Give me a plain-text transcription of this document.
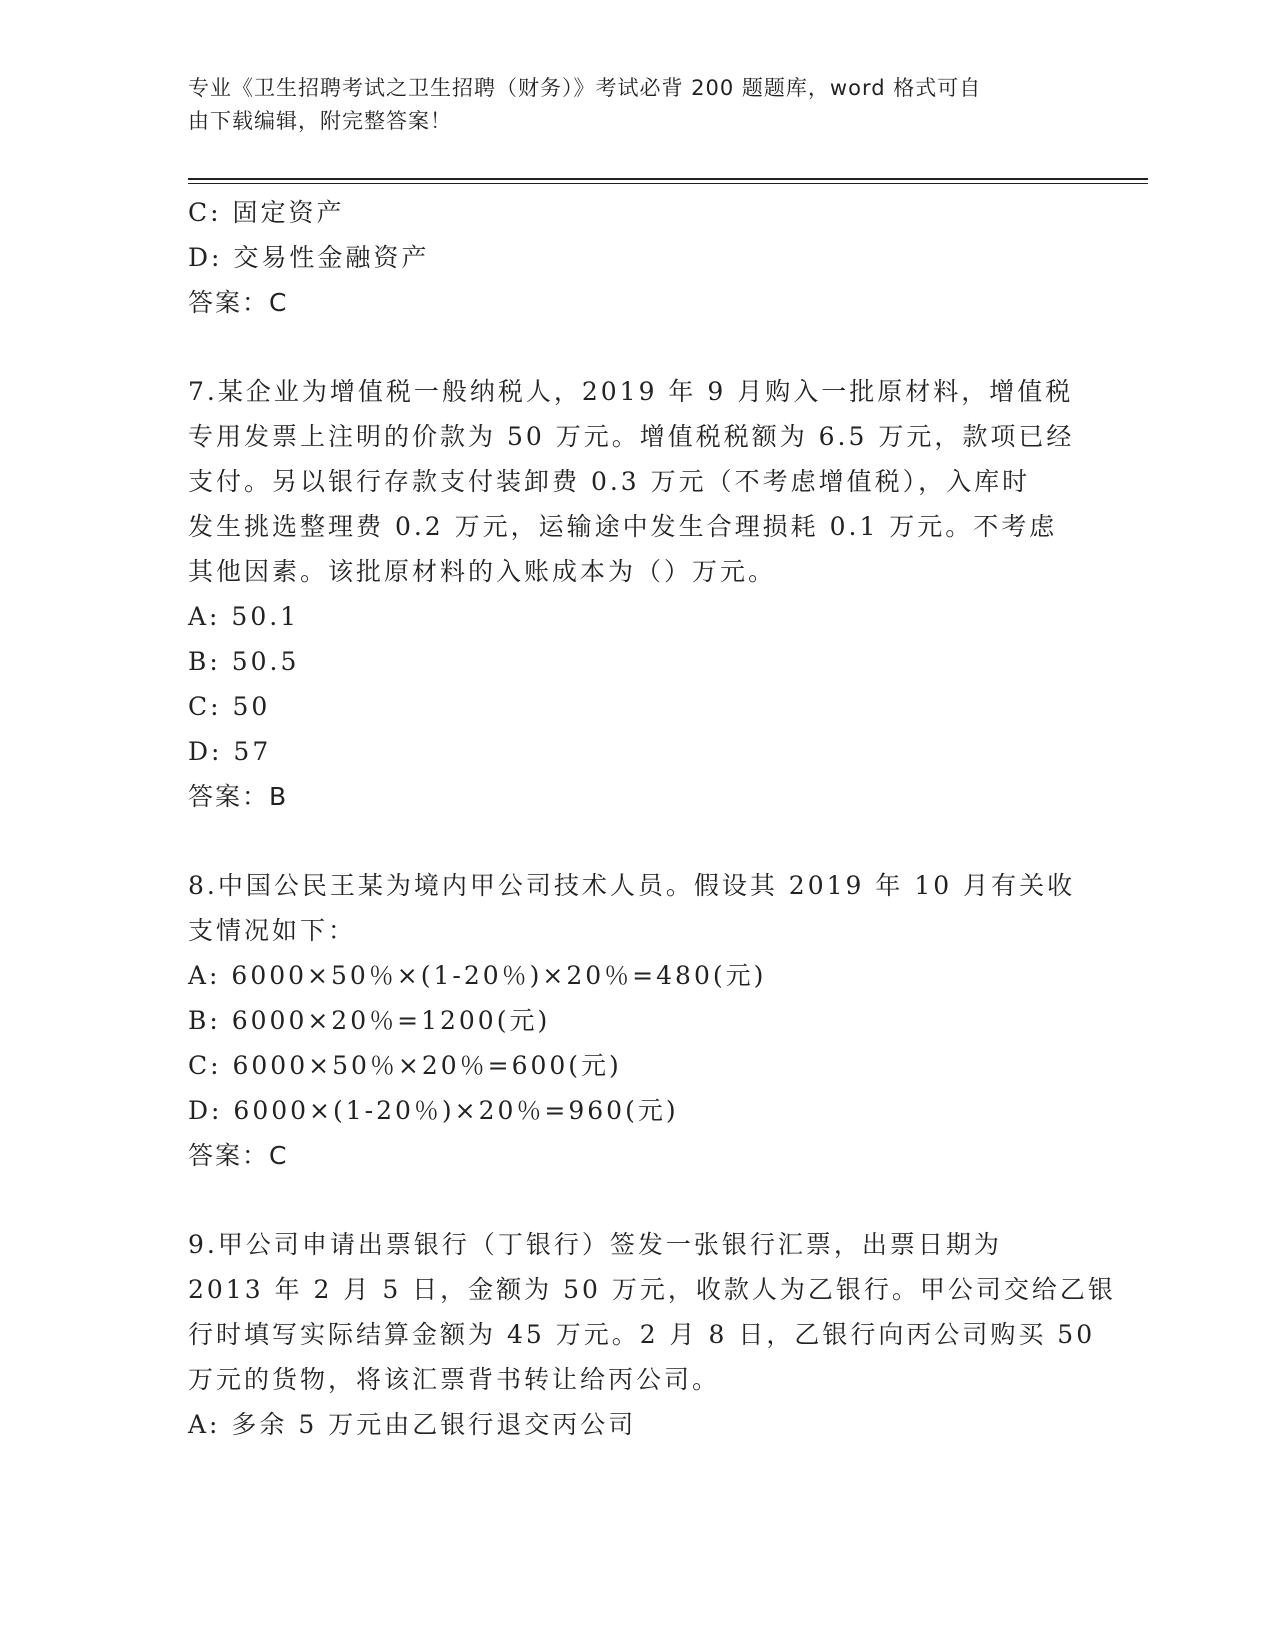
专业《卫生招聘考试之卫生招聘（财务）》考试必背 200 题题库，word 格式可自
由下载编辑，附完整答案！
C: 固定资产
D: 交易性金融资产
答案：C
7.某企业为增值税一般纳税人，2019 年 9 月购入一批原材料，增值税
专用发票上注明的价款为 50 万元。增值税税额为 6.5 万元，款项已经
支付。另以银行存款支付装卸费 0.3 万元（不考虑增值税），入库时
发生挑选整理费 0.2 万元，运输途中发生合理损耗 0.1 万元。不考虑
其他因素。该批原材料的入账成本为（）万元。
A: 50.1
B: 50.5
C: 50
D: 57
答案：B
8.中国公民王某为境内甲公司技术人员。假设其 2019 年 10 月有关收
支情况如下：
A: 6000×50％×(1-20％)×20％=480(元)
B: 6000×20％=1200(元)
C: 6000×50％×20％=600(元)
D: 6000×(1-20％)×20％=960(元)
答案：C
9.甲公司申请出票银行（丁银行）签发一张银行汇票，出票日期为
2013 年 2 月 5 日，金额为 50 万元，收款人为乙银行。甲公司交给乙银
行时填写实际结算金额为 45 万元。2 月 8 日，乙银行向丙公司购买 50
万元的货物，将该汇票背书转让给丙公司。
A: 多余 5 万元由乙银行退交丙公司
